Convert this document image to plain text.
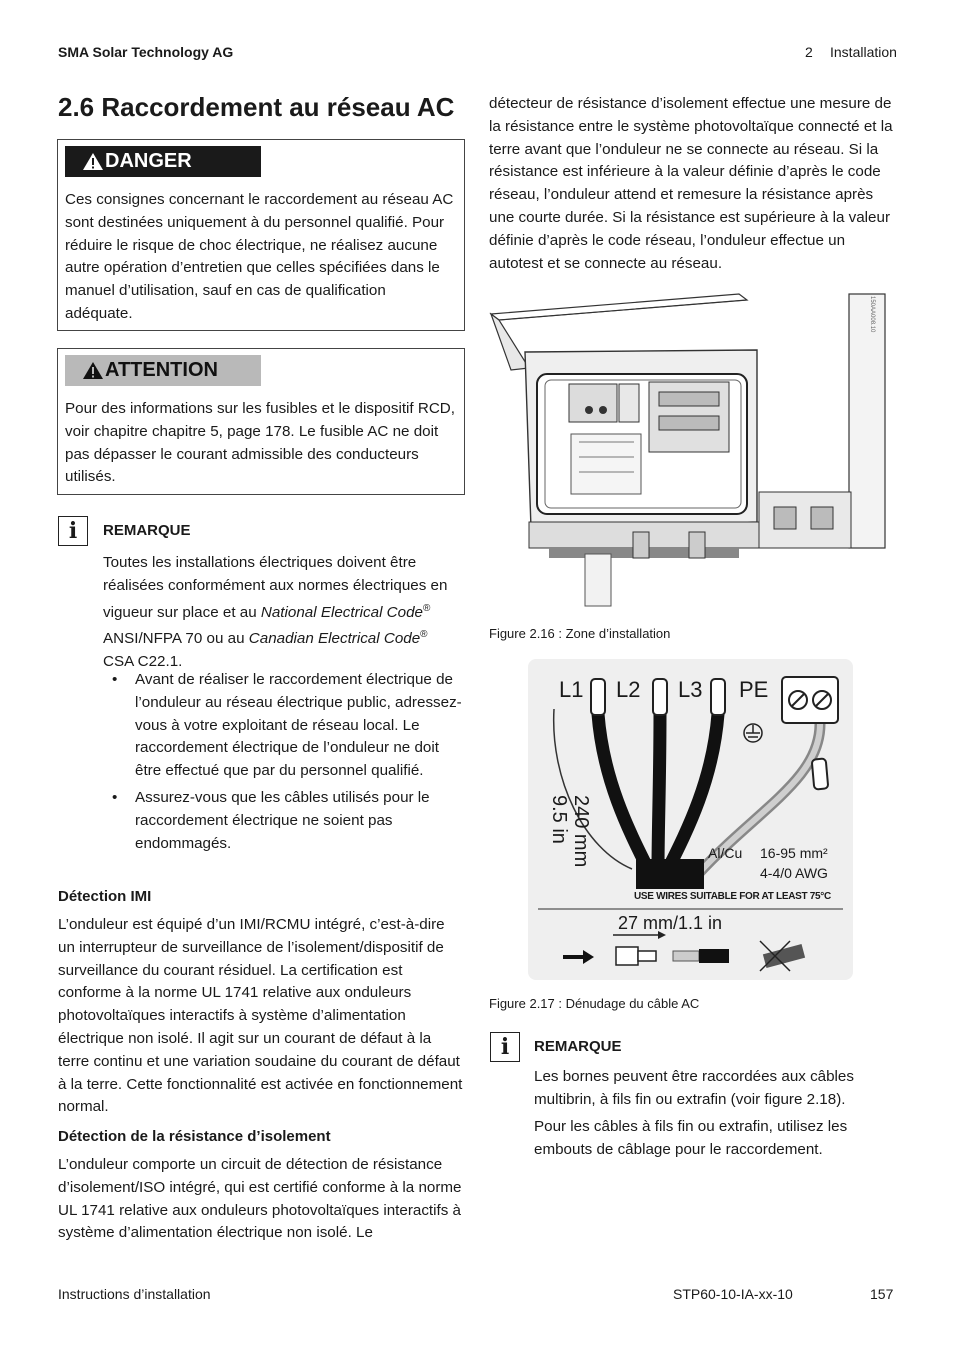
SMA Solar Technology AG	2 Installation
2.6 Raccordement au réseau AC
DANGER
Ces consignes concernant le raccordement au réseau AC sont destinées uniquement à du personnel qualifié. Pour réduire le risque de choc électrique, ne réalisez aucune autre opération d’entretien que celles spécifiées dans le manuel d’utilisation, sauf en cas de qualification adéquate.
ATTENTION
Pour des informations sur les fusibles et le dispositif RCD, voir chapitre chapitre 5, page 178. Le fusible AC ne doit pas dépasser le courant admissible des conducteurs utilisés.
i	REMARQUE
Toutes les installations électriques doivent être réalisées conformément aux normes électriques en vigueur sur place et au National Electrical Code® ANSI/NFPA 70 ou au Canadian Electrical Code® CSA C22.1.
• Avant de réaliser le raccordement électrique de l’onduleur au réseau électrique public, adressez-vous à votre exploitant de réseau local. Le raccordement électrique de l’onduleur ne doit être effectué que par du personnel qualifié.
• Assurez-vous que les câbles utilisés pour le raccordement électrique ne soient pas endommagés.
Détection IMI
L’onduleur est équipé d’un IMI/RCMU intégré, c’est-à-dire un interrupteur de surveillance de l’isolement/dispositif de surveillance du courant résiduel. La certification est conforme à la norme UL 1741 relative aux onduleurs photovoltaïques interactifs à système d’alimentation électrique non isolé. Il agit sur un courant de défaut à la terre continu et une variation soudaine du courant de défaut à la terre. Cette fonctionnalité est activée en fonctionnement normal.
Détection de la résistance d’isolement
L’onduleur comporte un circuit de détection de résistance d’isolement/ISO intégré, qui est certifié conforme à la norme UL 1741 relative aux onduleurs photovoltaïques interactifs à système d’alimentation électrique non isolé. Le
détecteur de résistance d’isolement effectue une mesure de la résistance entre le système photovoltaïque connecté et la terre avant que l’onduleur ne se connecte au réseau. Si la résistance est inférieure à la valeur définie d’après le code réseau, l’onduleur attend et remesure la résistance après une courte durée. Si la résistance est supérieure à la valeur définie d’après le code réseau, l’onduleur effectue un autotest et se connecte au réseau.
150AA008.10
Figure 2.16 : Zone d’installation
L1 L2 L3 PE
240 mm
9.5 in
Al/Cu 16-95 mm²
4-4/0 AWG
USE WIRES SUITABLE FOR AT LEAST 75°C
27 mm/1.1 in
Figure 2.17 : Dénudage du câble AC
i	REMARQUE
Les bornes peuvent être raccordées aux câbles multibrin, à fils fin ou extrafin (voir figure 2.18).
Pour les câbles à fils fin ou extrafin, utilisez les embouts de câblage pour le raccordement.
Instructions d’installation	STP60-10-IA-xx-10	157
